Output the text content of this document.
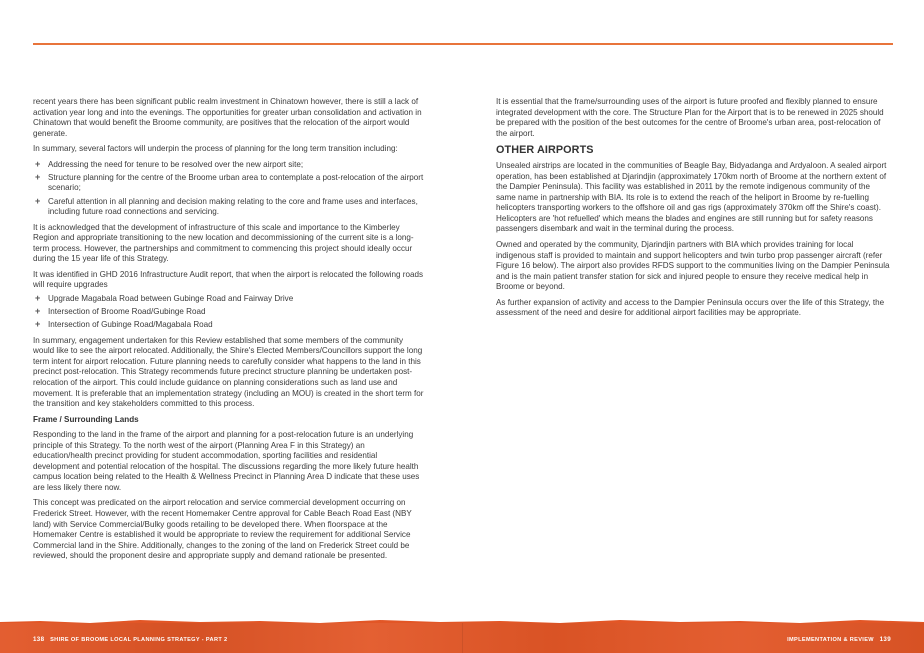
recent years there has been significant public realm investment in Chinatown however, there is still a lack of activation year long and into the evenings. The opportunities for greater urban consolidation and activation in Chinatown that would benefit the Broome community, are positives that the relocation of the airport would generate.

In summary, several factors will underpin the process of planning for the long term transition including:

+ Addressing the need for tenure to be resolved over the new airport site;
+ Structure planning for the centre of the Broome urban area to contemplate a post-relocation of the airport scenario;
+ Careful attention in all planning and decision making relating to the core and frame uses and interfaces, including future road connections and servicing.

It is acknowledged that the development of infrastructure of this scale and importance to the Kimberley Region and appropriate transitioning to the new location and decommissioning of the current site is a long-term process. However, the partnerships and commitment to commencing this project should ideally occur during the 15 year life of this Strategy.

It was identified in GHD 2016 Infrastructure Audit report, that when the airport is relocated the following roads will require upgrades

+ Upgrade Magabala Road between Gubinge Road and Fairway Drive
+ Intersection of Broome Road/Gubinge Road
+ Intersection of Gubinge Road/Magabala Road

In summary, engagement undertaken for this Review established that some members of the community would like to see the airport relocated. Additionally, the Shire's Elected Members/Councillors support the long term intent for airport relocation. Future planning needs to carefully consider what happens to the land in this precinct post-relocation. This Strategy recommends future precinct structure planning be undertaken post-relocation of the airport. This could include guidance on planning considerations such as land use and movement. It is preferable that an implementation strategy (including an MOU) is created in the short term for the transition and key stakeholders committed to this process.

Frame / Surrounding Lands

Responding to the land in the frame of the airport and planning for a post-relocation future is an underlying principle of this Strategy. To the north west of the airport (Planning Area F in this Strategy) an education/health precinct providing for student accommodation, sporting facilities and residential development and potential relocation of the hospital. The discussions regarding the more likely future health campus location being related to the Health & Wellness Precinct in Planning Area D indicate that these uses are less likely there now.

This concept was predicated on the airport relocation and service commercial development occurring on Frederick Street. However, with the recent Homemaker Centre approval for Cable Beach Road East (NBY land) with Service Commercial/Bulky goods retailing to be developed there. When floorspace at the Homemaker Centre is established it would be appropriate to review the requirement for additional Service Commercial land in the Shire. Additionally, changes to the zoning of the land on Frederick Street could be reviewed, should the proponent desire and appropriate supply and demand rationale be presented.

It is essential that the frame/surrounding uses of the airport is future proofed and flexibly planned to ensure integrated development with the core. The Structure Plan for the Airport that is to be renewed in 2025 should be prepared with the position of the best outcomes for the centre of Broome's urban area, post-relocation of the airport.

OTHER AIRPORTS

Unsealed airstrips are located in the communities of Beagle Bay, Bidyadanga and Ardyaloon. A sealed airport operation, has been established at Djarindjin (approximately 170km north of Broome at the northern extent of the Dampier Peninsula). This facility was established in 2011 by the remote indigenous community of the same name in partnership with BIA. Its role is to extend the reach of the heliport in Broome by re-fuelling helicopters transporting workers to the offshore oil and gas rigs (approximately 370km off the Shire's coast). Helicopters are 'hot refuelled' which means the blades and engines are still running but for safety reasons passengers disembark and wait in the terminal during the process.

Owned and operated by the community, Djarindjin partners with BIA which provides training for local indigenous staff is provided to maintain and support helicopters and twin turbo prop passenger aircraft (refer Figure 16 below). The airport also provides RFDS support to the communities living on the Dampier Peninsula and is the main patient transfer station for sick and injured people to ensure they receive medical help in Broome or beyond.

As further expansion of activity and access to the Dampier Peninsula occurs over the life of this Strategy, the assessment of the need and desire for additional airport facilities may be appropriate.

138 SHIRE OF BROOME LOCAL PLANNING STRATEGY - PART 2	IMPLEMENTATION & REVIEW 139
